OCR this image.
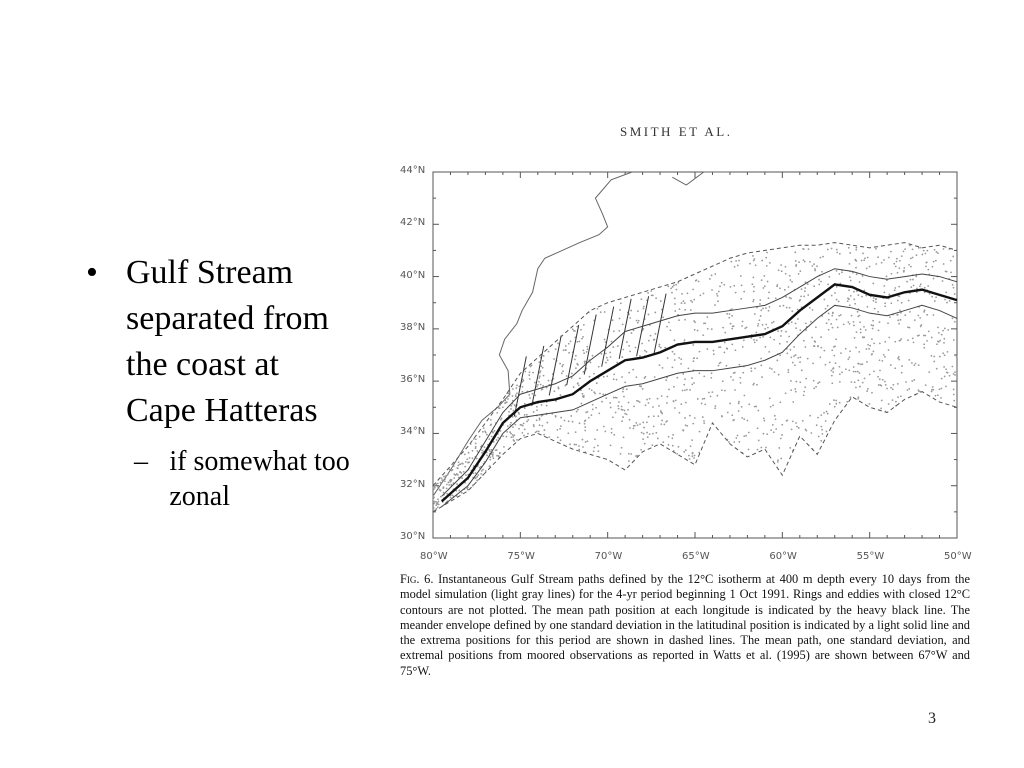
• Gulf Stream separated from the coast at Cape Hatteras
– if somewhat too zonal
SMITH ET AL.
Fig. 6. Instantaneous Gulf Stream paths defined by the 12°C isotherm at 400 m depth every 10 days from the model simulation (light gray lines) for the 4-yr period beginning 1 Oct 1991. Rings and eddies with closed 12°C contours are not plotted. The mean path position at each longitude is indicated by the heavy black line. The meander envelope defined by one standard deviation in the latitudinal position is indicated by a light solid line and the extrema positions for this period are shown in dashed lines. The mean path, one standard deviation, and extremal positions from moored observations as reported in Watts et al. (1995) are shown between 67°W and 75°W.
3
80°W	75°W	70°W	65°W	60°W	55°W	50°W
30°N
32°N
34°N
36°N
38°N
40°N
42°N
44°N
